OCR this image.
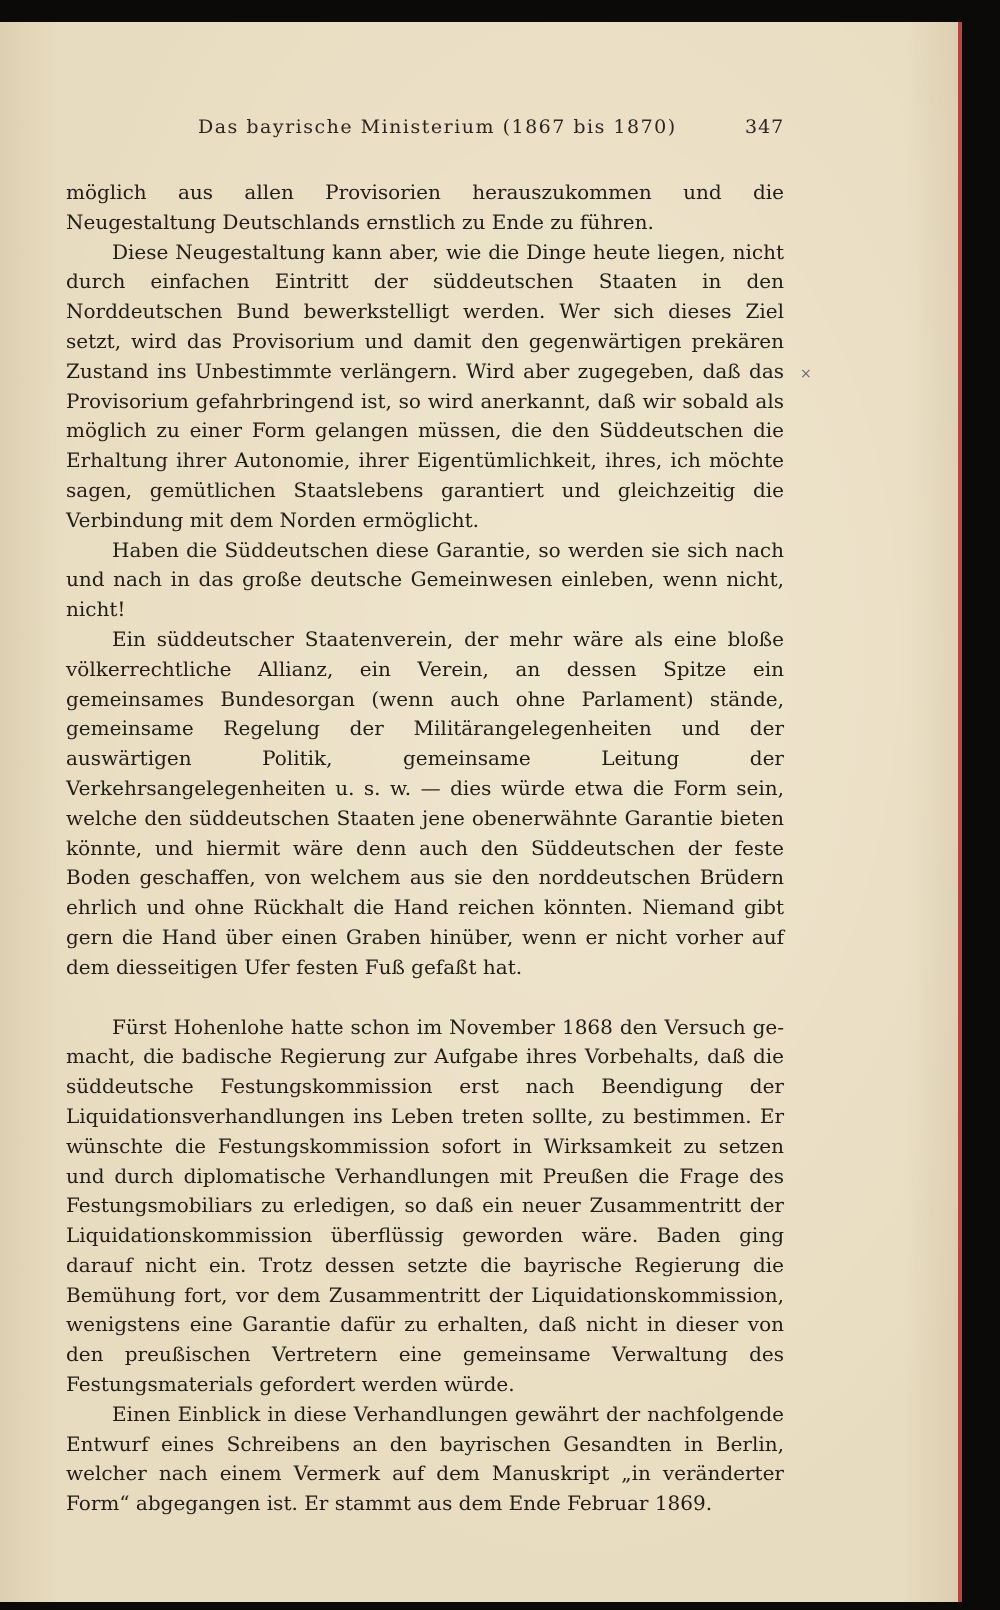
Das bayrische Ministerium (1867 bis 1870)	347
×

möglich aus allen Provisorien herauszukommen und die Neugestaltung Deutschlands ernstlich zu Ende zu führen.

Diese Neugestaltung kann aber, wie die Dinge heute liegen, nicht durch einfachen Eintritt der süddeutschen Staaten in den Norddeutschen Bund bewerkstelligt werden. Wer sich dieses Ziel setzt, wird das Provisorium und damit den gegenwärtigen prekären Zustand ins Unbestimmte verlängern. Wird aber zugegeben, daß das Provisorium gefahrbringend ist, so wird anerkannt, daß wir sobald als möglich zu einer Form gelangen müssen, die den Süddeutschen die Erhaltung ihrer Autonomie, ihrer Eigentümlichkeit, ihres, ich möchte sagen, gemütlichen Staatslebens garantiert und gleichzeitig die Verbindung mit dem Norden ermöglicht.

Haben die Süddeutschen diese Garantie, so werden sie sich nach und nach in das große deutsche Gemeinwesen einleben, wenn nicht, nicht!

Ein süddeutscher Staatenverein, der mehr wäre als eine bloße völkerrechtliche Allianz, ein Verein, an dessen Spitze ein gemeinsames Bundesorgan (wenn auch ohne Parlament) stände, gemeinsame Regelung der Militärangelegenheiten und der auswärtigen Politik, gemeinsame Leitung der Verkehrsangelegenheiten u. s. w. — dies würde etwa die Form sein, welche den süddeutschen Staaten jene obenerwähnte Garantie bieten könnte, und hiermit wäre denn auch den Süddeutschen der feste Boden geschaffen, von welchem aus sie den norddeutschen Brüdern ehrlich und ohne Rückhalt die Hand reichen könnten. Niemand gibt gern die Hand über einen Graben hinüber, wenn er nicht vorher auf dem diesseitigen Ufer festen Fuß gefaßt hat.

Fürst Hohenlohe hatte schon im November 1868 den Versuch gemacht, die badische Regierung zur Aufgabe ihres Vorbehalts, daß die süddeutsche Festungskommission erst nach Beendigung der Liquidationsverhandlungen ins Leben treten sollte, zu bestimmen. Er wünschte die Festungskommission sofort in Wirksamkeit zu setzen und durch diplomatische Verhandlungen mit Preußen die Frage des Festungsmobiliars zu erledigen, so daß ein neuer Zusammentritt der Liquidationskommission überflüssig geworden wäre. Baden ging darauf nicht ein. Trotz dessen setzte die bayrische Regierung die Bemühung fort, vor dem Zusammentritt der Liquidationskommission, wenigstens eine Garantie dafür zu erhalten, daß nicht in dieser von den preußischen Vertretern eine gemeinsame Verwaltung des Festungsmaterials gefordert werden würde.

Einen Einblick in diese Verhandlungen gewährt der nachfolgende Entwurf eines Schreibens an den bayrischen Gesandten in Berlin, welcher nach einem Vermerk auf dem Manuskript „in veränderter Form“ abgegangen ist. Er stammt aus dem Ende Februar 1869.
